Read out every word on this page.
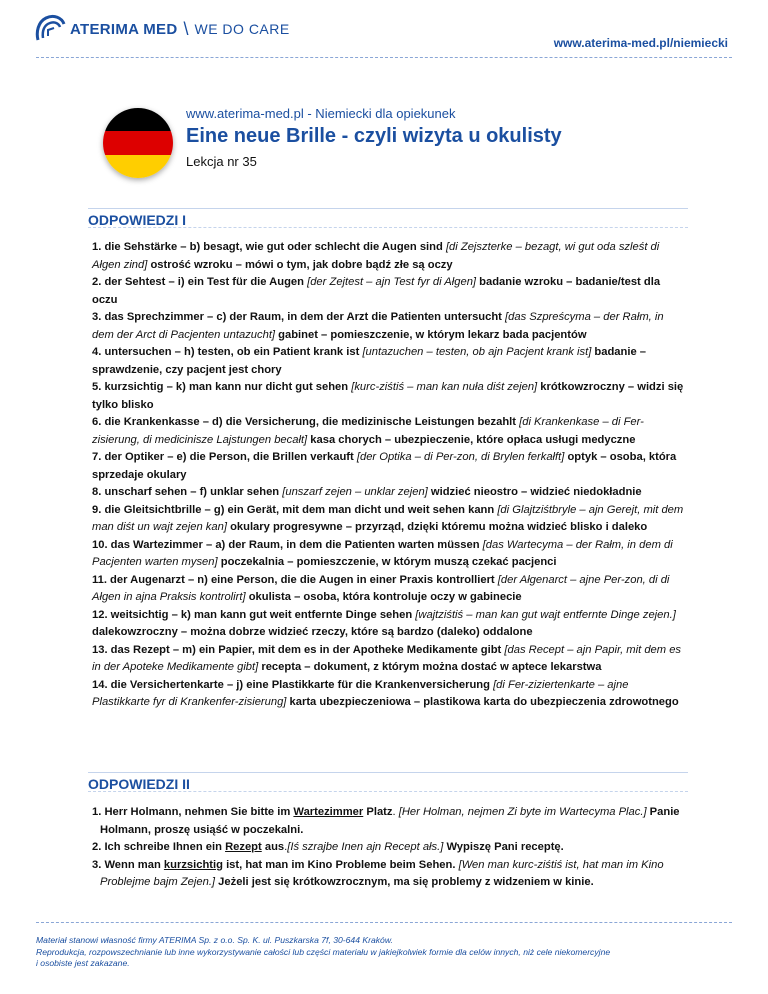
ATERIMA MED \ WE DO CARE
www.aterima-med.pl/niemiecki
www.aterima-med.pl - Niemiecki dla opiekunek
Eine neue Brille - czyli wizyta u okulisty
Lekcja nr 35
ODPOWIEDZI I

1. die Sehstärke – b) besagt, wie gut oder schlecht die Augen sind [di Zejszterke – bezagt, wi gut oda szleśt di Ałgen zind] ostrość wzroku – mówi o tym, jak dobre bądź złe są oczy

2. der Sehtest – i) ein Test für die Augen [der Zejtest – ajn Test fyr di Ałgen] badanie wzroku – badanie/test dla oczu

3. das Sprechzimmer – c) der Raum, in dem der Arzt die Patienten untersucht [das Szpreścyma – der Rałm, in dem der Arct di Pacjenten untazucht] gabinet – pomieszczenie, w którym lekarz bada pacjentów

4. untersuchen – h) testen, ob ein Patient krank ist [untazuchen – testen, ob ajn Pacjent krank ist] badanie – sprawdzenie, czy pacjent jest chory

5. kurzsichtig – k) man kann nur dicht gut sehen [kurc-ziśtiś – man kan nuła diśt zejen] krótkowzroczny – widzi się tylko blisko

6. die Krankenkasse – d) die Versicherung, die medizinische Leistungen bezahlt [di Krankenkase – di Fer-zisierung, di medicinisze Lajstungen becałt] kasa chorych – ubezpieczenie, które opłaca usługi medyczne

7. der Optiker – e) die Person, die Brillen verkauft [der Optika – di Per-zon, di Brylen ferkałft] optyk – osoba, która sprzedaje okulary

8. unscharf sehen – f) unklar sehen [unszarf zejen – unklar zejen] widzieć nieostro – widzieć niedokładnie

9. die Gleitsichtbrille – g) ein Gerät, mit dem man dicht und weit sehen kann [di Glajtziśtbryle – ajn Gerejt, mit dem man diśt un wajt zejen kan] okulary progresywne – przyrząd, dzięki któremu można widzieć blisko i daleko

10. das Wartezimmer – a) der Raum, in dem die Patienten warten müssen [das Wartecyma – der Rałm, in dem di Pacjenten warten mysen] poczekalnia – pomieszczenie, w którym muszą czekać pacjenci

11. der Augenarzt – n) eine Person, die die Augen in einer Praxis kontrolliert [der Ałgenarct – ajne Per-zon, di di Ałgen in ajna Praksis kontrolirt] okulista – osoba, która kontroluje oczy w gabinecie

12. weitsichtig – k) man kann gut weit entfernte Dinge sehen [wajtziśtiś – man kan gut wajt entfernte Dinge zejen.] dalekowzroczny – można dobrze widzieć rzeczy, które są bardzo (daleko) oddalone

13. das Rezept – m) ein Papier, mit dem es in der Apotheke Medikamente gibt [das Recept – ajn Papir, mit dem es in der Apoteke Medikamente gibt] recepta – dokument, z którym można dostać w aptece lekarstwa

14. die Versichertenkarte – j) eine Plastikkarte für die Krankenversicherung [di Fer-ziziertenkarte – ajne Plastikkarte fyr di Krankenfer-zisierung] karta ubezpieczeniowa – plastikowa karta do ubezpieczenia zdrowotnego

ODPOWIEDZI II

1. Herr Holmann, nehmen Sie bitte im Wartezimmer Platz. [Her Holman, nejmen Zi byte im Wartecyma Plac.] Panie Holmann, proszę usiąść w poczekalni.

2. Ich schreibe Ihnen ein Rezept aus.[Iś szrajbe Inen ajn Recept ałs.] Wypiszę Pani receptę.

3. Wenn man kurzsichtig ist, hat man im Kino Probleme beim Sehen. [Wen man kurc-ziśtiś ist, hat man im Kino Problejme bajm Zejen.] Jeżeli jest się krótkowzrocznym, ma się problemy z widzeniem w kinie.

Materiał stanowi własność firmy ATERIMA Sp. z o.o. Sp. K. ul. Puszkarska 7f, 30-644 Kraków.

Reprodukcja, rozpowszechnianie lub inne wykorzystywanie całości lub części materiału w jakiejkolwiek formie dla celów innych, niż cele niekomercyjne

i osobiste jest zakazane.
